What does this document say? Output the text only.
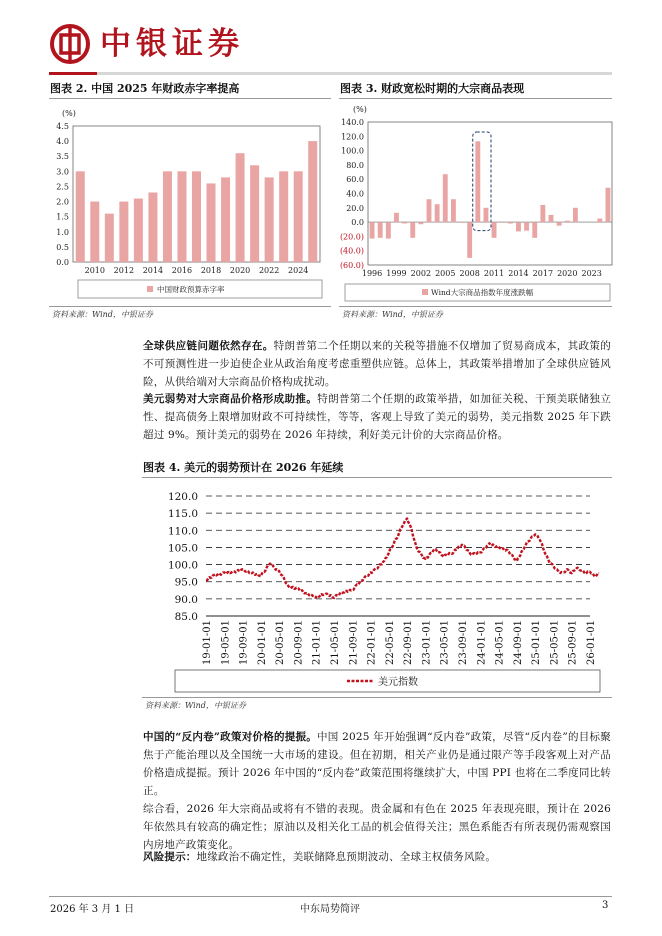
中银证券
图表 2. 中国 2025 年财政赤字率提高
(%)
0.0
0.5
1.0
1.5
2.0
2.5
3.0
3.5
4.0
4.5
2010 2012 2014 2016 2018 2020 2022 2024
中国财政预算赤字率
资料来源：Wind，中银证券
图表 3. 财政宽松时期的大宗商品表现
(%)
140.0
120.0
100.0
80.0
60.0
40.0
20.0
0.0
(20.0)
(40.0)
(60.0)
1996 1999 2002 2005 2008 2011 2014 2017 2020 2023
Wind大宗商品指数年度涨跌幅
资料来源：Wind，中银证券
全球供应链问题依然存在。特朗普第二个任期以来的关税等措施不仅增加了贸易商成本，其政策的不可预测性进一步迫使企业从政治角度考虑重塑供应链。总体上，其政策举措增加了全球供应链风险，从供给端对大宗商品价格构成扰动。
美元弱势对大宗商品价格形成助推。特朗普第二个任期的政策举措，如加征关税、干预美联储独立性、提高债务上限增加财政不可持续性，等等，客观上导致了美元的弱势，美元指数 2025 年下跌超过 9%。预计美元的弱势在 2026 年持续，利好美元计价的大宗商品价格。
图表 4. 美元的弱势预计在 2026 年延续
120.0
115.0
110.0
105.0
100.0
95.0
90.0
85.0
19-01-01 19-05-01 19-09-01 20-01-01 20-05-01 20-09-01 21-01-01 21-05-01 21-09-01 22-01-01 22-05-01 22-09-01 23-01-01 23-05-01 23-09-01 24-01-01 24-05-01 24-09-01 25-01-01 25-05-01 25-09-01 26-01-01
美元指数
资料来源：Wind，中银证券
中国的“反内卷”政策对价格的提振。中国 2025 年开始强调“反内卷”政策，尽管“反内卷”的目标聚焦于产能治理以及全国统一大市场的建设。但在初期，相关产业仍是通过限产等手段客观上对产品价格造成提振。预计 2026 年中国的“反内卷”政策范围将继续扩大，中国 PPI 也将在二季度同比转正。
综合看，2026 年大宗商品或将有不错的表现。贵金属和有色在 2025 年表现亮眼，预计在 2026 年依然具有较高的确定性；原油以及相关化工品的机会值得关注；黑色系能否有所表现仍需观察国内房地产政策变化。
风险提示：地缘政治不确定性，美联储降息预期波动、全球主权债务风险。
2026 年 3 月 1 日	中东局势简评	3
